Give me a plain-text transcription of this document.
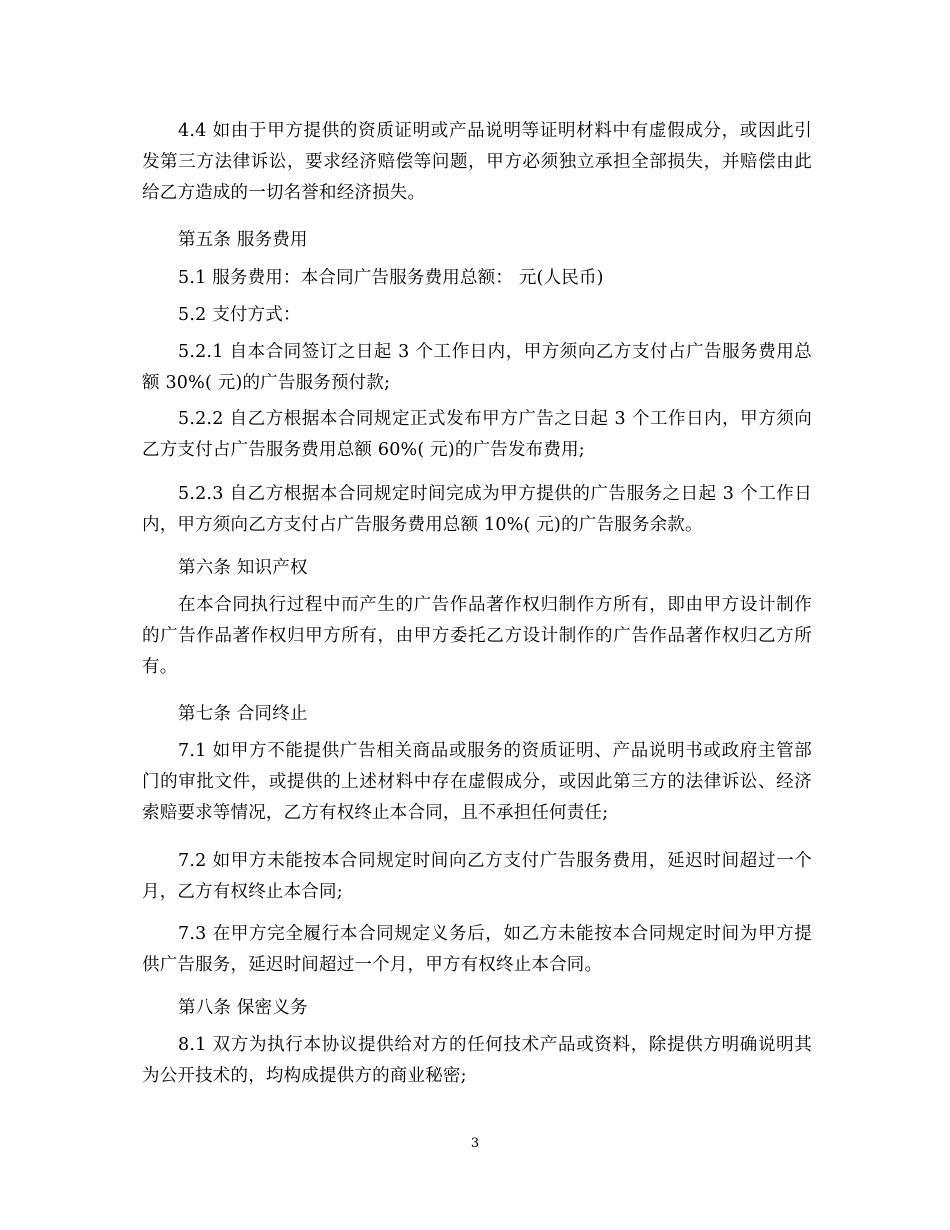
4.4 如由于甲方提供的资质证明或产品说明等证明材料中有虚假成分，或因此引发第三方法律诉讼，要求经济赔偿等问题，甲方必须独立承担全部损失，并赔偿由此给乙方造成的一切名誉和经济损失。

第五条 服务费用

5.1 服务费用：本合同广告服务费用总额： 元(人民币)

5.2 支付方式：

5.2.1 自本合同签订之日起 3 个工作日内，甲方须向乙方支付占广告服务费用总额 30%( 元)的广告服务预付款;

5.2.2 自乙方根据本合同规定正式发布甲方广告之日起 3 个工作日内，甲方须向乙方支付占广告服务费用总额 60%( 元)的广告发布费用;

5.2.3 自乙方根据本合同规定时间完成为甲方提供的广告服务之日起 3 个工作日内，甲方须向乙方支付占广告服务费用总额 10%( 元)的广告服务余款。

第六条 知识产权

在本合同执行过程中而产生的广告作品著作权归制作方所有，即由甲方设计制作的广告作品著作权归甲方所有，由甲方委托乙方设计制作的广告作品著作权归乙方所有。

第七条 合同终止

7.1 如甲方不能提供广告相关商品或服务的资质证明、产品说明书或政府主管部门的审批文件，或提供的上述材料中存在虚假成分，或因此第三方的法律诉讼、经济索赔要求等情况，乙方有权终止本合同，且不承担任何责任;

7.2 如甲方未能按本合同规定时间向乙方支付广告服务费用，延迟时间超过一个月，乙方有权终止本合同;

7.3 在甲方完全履行本合同规定义务后，如乙方未能按本合同规定时间为甲方提供广告服务，延迟时间超过一个月，甲方有权终止本合同。

第八条 保密义务

8.1 双方为执行本协议提供给对方的任何技术产品或资料，除提供方明确说明其为公开技术的，均构成提供方的商业秘密;

3
